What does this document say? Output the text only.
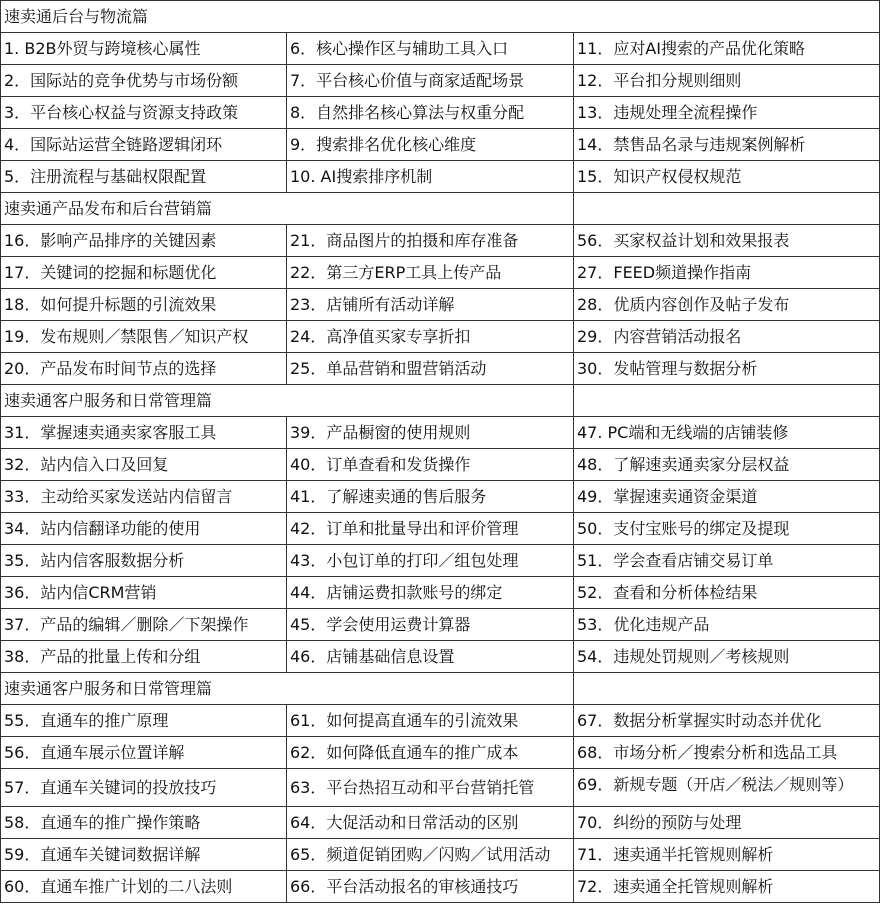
速卖通后台与物流篇		
1. B2B外贸与跨境核心属性	6．核心操作区与辅助工具入口	11．应对AI搜索的产品优化策略
2．国际站的竞争优势与市场份额	7．平台核心价值与商家适配场景	12．平台扣分规则细则
3．平台核心权益与资源支持政策	8．自然排名核心算法与权重分配	13．违规处理全流程操作
4．国际站运营全链路逻辑闭环	9．搜索排名优化核心维度	14．禁售品名录与违规案例解析
5．注册流程与基础权限配置	10. AI搜索排序机制	15．知识产权侵权规范
速卖通产品发布和后台营销篇		
16．影响产品排序的关键因素	21．商品图片的拍摄和库存准备	56．买家权益计划和效果报表
17．关键词的挖掘和标题优化	22．第三方ERP工具上传产品	27．FEED频道操作指南
18．如何提升标题的引流效果	23．店铺所有活动详解	28．优质内容创作及帖子发布
19．发布规则／禁限售／知识产权	24．高净值买家专享折扣	29．内容营销活动报名
20．产品发布时间节点的选择	25．单品营销和盟营销活动	30．发帖管理与数据分析
速卖通客户服务和日常管理篇		
31．掌握速卖通卖家客服工具	39．产品橱窗的使用规则	47. PC端和无线端的店铺装修
32．站内信入口及回复	40．订单查看和发货操作	48．了解速卖通卖家分层权益
33．主动给买家发送站内信留言	41．了解速卖通的售后服务	49．掌握速卖通资金渠道
34．站内信翻译功能的使用	42．订单和批量导出和评价管理	50．支付宝账号的绑定及提现
35．站内信客服数据分析	43．小包订单的打印／组包处理	51．学会查看店铺交易订单
36．站内信CRM营销	44．店铺运费扣款账号的绑定	52．查看和分析体检结果
37．产品的编辑／删除／下架操作	45．学会使用运费计算器	53．优化违规产品
38．产品的批量上传和分组	46．店铺基础信息设置	54．违规处罚规则／考核规则
速卖通客户服务和日常管理篇		
55．直通车的推广原理	61．如何提高直通车的引流效果	67．数据分析掌握实时动态并优化
56．直通车展示位置详解	62．如何降低直通车的推广成本	68．市场分析／搜索分析和选品工具
57．直通车关键词的投放技巧	63．平台热招互动和平台营销托管	69．新规专题（开店／税法／规则等）

58．直通车的推广操作策略	64．大促活动和日常活动的区别	70．纠纷的预防与处理
59．直通车关键词数据详解	65．频道促销团购／闪购／试用活动	71．速卖通半托管规则解析
60．直通车推广计划的二八法则	66．平台活动报名的审核通技巧	72．速卖通全托管规则解析
